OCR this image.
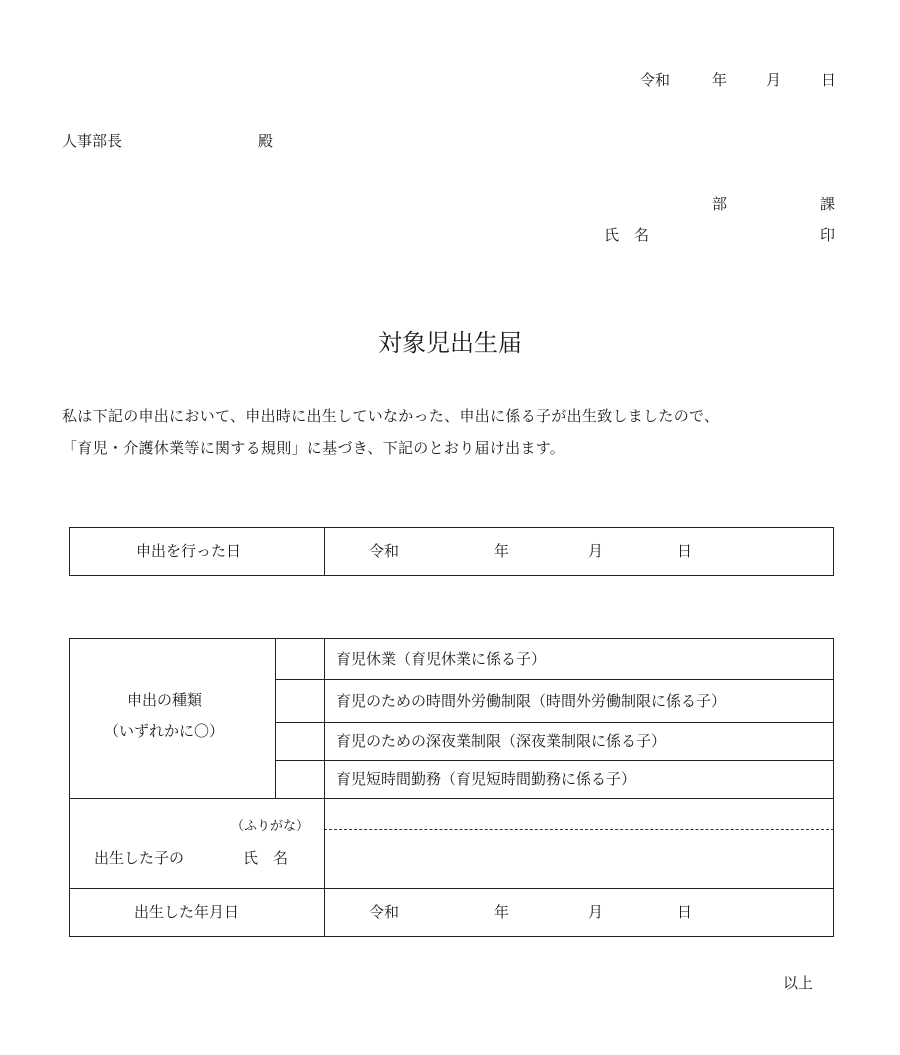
令和	年	月	日
人事部長	殿
部	課
氏　名	印
対象児出生届
私は下記の申出において、申出時に出生していなかった、申出に係る子が出生致しましたので、
「育児・介護休業等に関する規則」に基づき、下記のとおり届け出ます。
申出を行った日	令和	年	月	日
申出の種類
（いずれかに〇）
育児休業（育児休業に係る子）
育児のための時間外労働制限（時間外労働制限に係る子）
育児のための深夜業制限（深夜業制限に係る子）
育児短時間勤務（育児短時間勤務に係る子）
（ふりがな）
出生した子の	氏　名
出生した年月日	令和	年	月	日
以上
